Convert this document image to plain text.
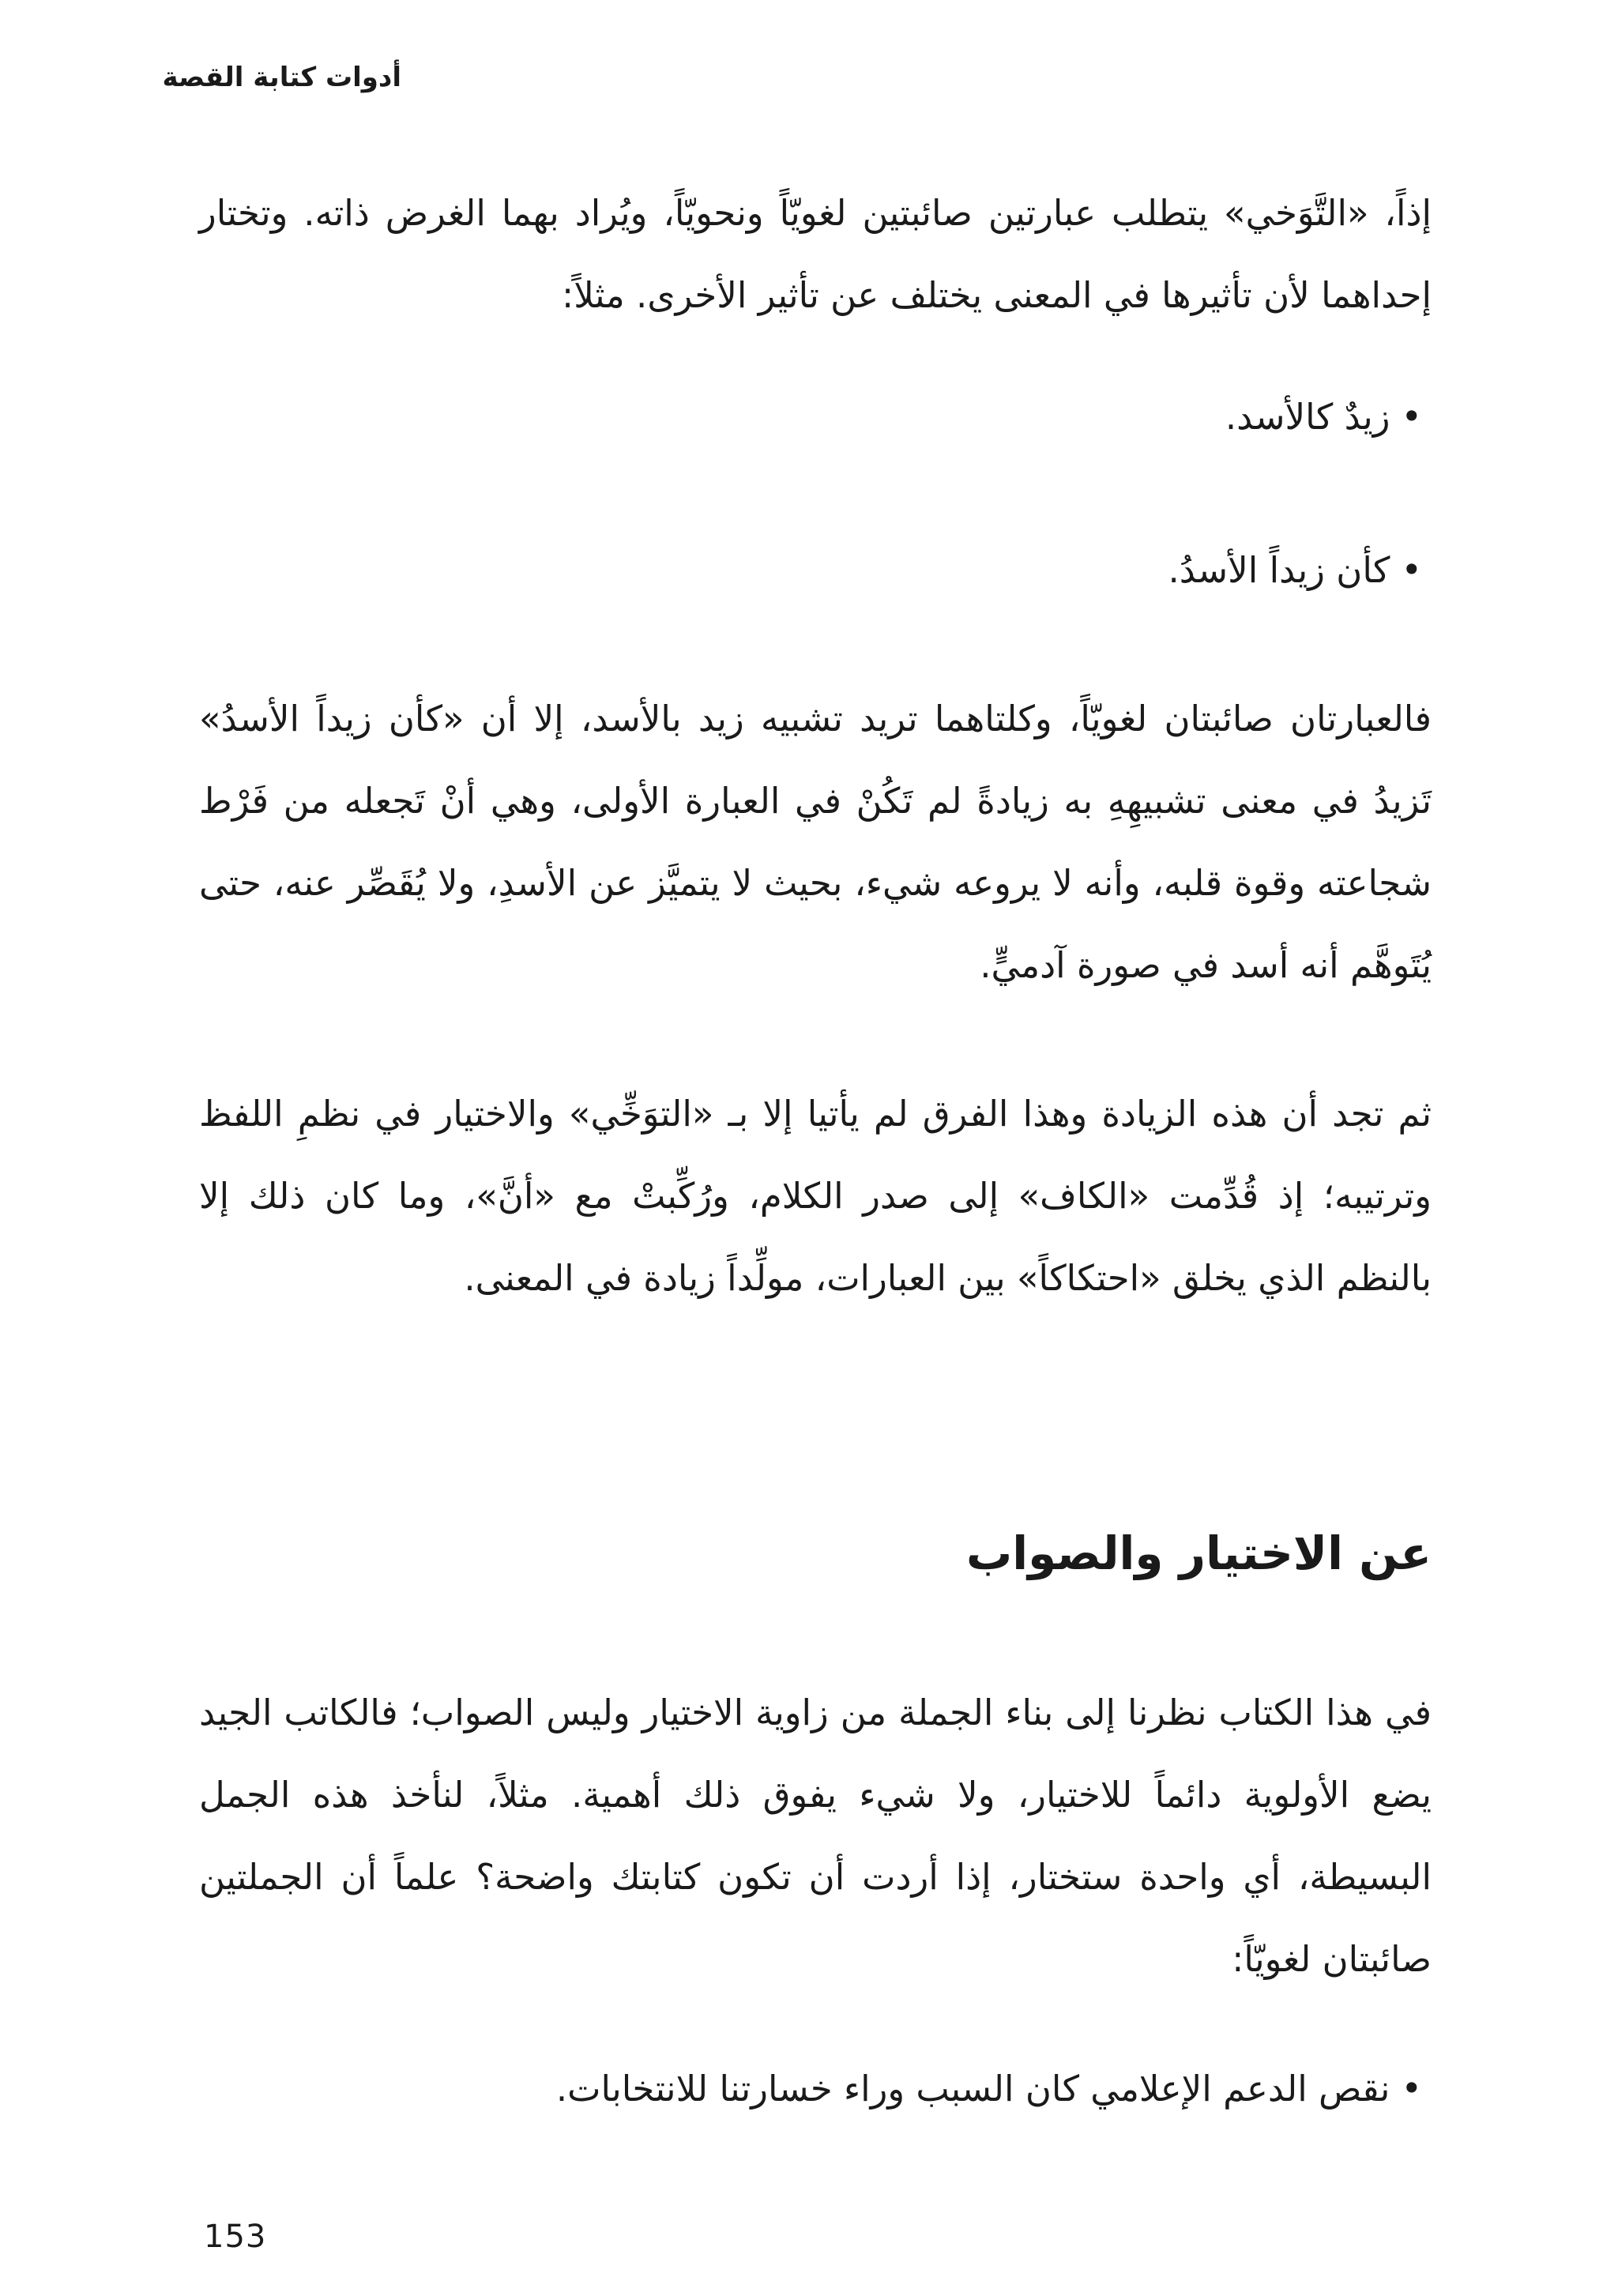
أدوات كتابة القصة

إذاً، «التَّوَخي» يتطلب عبارتين صائبتين لغويّاً ونحويّاً، ويُراد بهما الغرض ذاته. وتختار إحداهما لأن تأثيرها في المعنى يختلف عن تأثير الأخرى. مثلاً:

•زيدٌ كالأسد.
•كأن زيداً الأسدُ.

فالعبارتان صائبتان لغويّاً، وكلتاهما تريد تشبيه زيد بالأسد، إلا أن «كأن زيداً الأسدُ» تَزيدُ في معنى تشبيهِهِ به زيادةً لم تَكُنْ في العبارة الأولى، وهي أنْ تَجعله من فَرْط شجاعته وقوة قلبه، وأنه لا يروعه شيء، بحيث لا يتميَّز عن الأسدِ، ولا يُقَصِّر عنه، حتى يُتَوهَّم أنه أسد في صورة آدميٍّ.

ثم تجد أن هذه الزيادة وهذا الفرق لم يأتيا إلا بـ «التوَخِّي» والاختيار في نظمِ اللفظ وترتيبه؛ إذ قُدِّمت «الكاف» إلى صدر الكلام، ورُكِّبتْ مع «أنَّ»، وما كان ذلك إلا بالنظم الذي يخلق «احتكاكاً» بين العبارات، مولِّداً زيادة في المعنى.

عن الاختيار والصواب

في هذا الكتاب نظرنا إلى بناء الجملة من زاوية الاختيار وليس الصواب؛ فالكاتب الجيد يضع الأولوية دائماً للاختيار، ولا شيء يفوق ذلك أهمية. مثلاً، لنأخذ هذه الجمل البسيطة، أي واحدة ستختار، إذا أردت أن تكون كتابتك واضحة؟ علماً أن الجملتين صائبتان لغويّاً:

•نقص الدعم الإعلامي كان السبب وراء خسارتنا للانتخابات.
153
